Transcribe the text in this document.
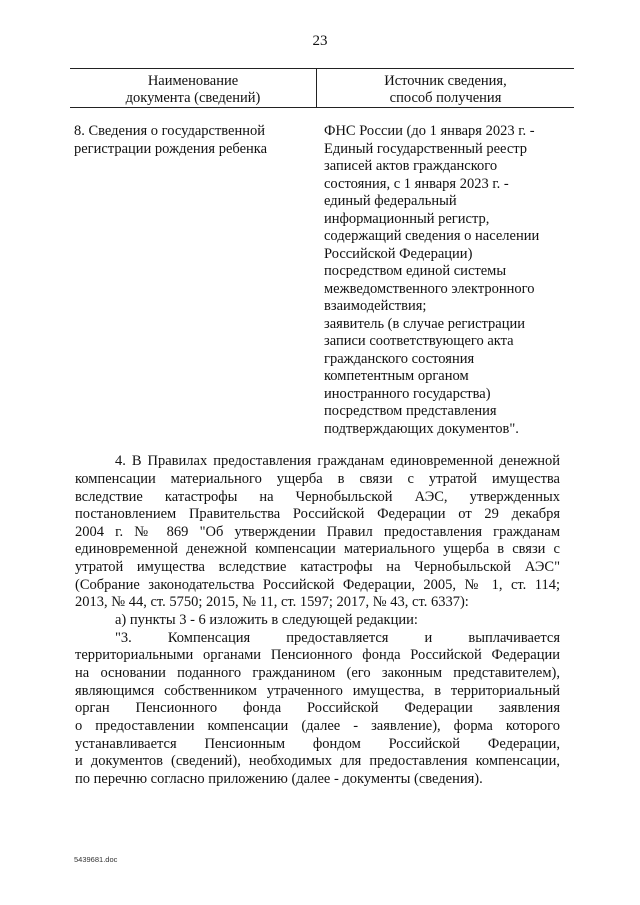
23
Наименование
документа (сведений)
Источник сведения,
способ получения
8. Сведения о государственной
регистрации рождения ребенка
ФНС России (до 1 января 2023 г. -
Единый государственный реестр
записей актов гражданского
состояния, с 1 января 2023 г. -
единый федеральный
информационный регистр,
содержащий сведения о населении
Российской Федерации)
посредством единой системы
межведомственного электронного
взаимодействия;
заявитель (в случае регистрации
записи соответствующего акта
гражданского состояния
компетентным органом
иностранного государства)
посредством представления
подтверждающих документов".
4. В Правилах предоставления гражданам единовременной денежной
компенсации материального ущерба в связи с утратой имущества
вследствие катастрофы на Чернобыльской АЭС, утвержденных
постановлением Правительства Российской Федерации от 29 декабря
2004 г. № 869 "Об утверждении Правил предоставления гражданам
единовременной денежной компенсации материального ущерба в связи с
утратой имущества вследствие катастрофы на Чернобыльской АЭС"
(Собрание законодательства Российской Федерации, 2005, № 1, ст. 114;
2013, № 44, ст. 5750; 2015, № 11, ст. 1597; 2017, № 43, ст. 6337):
а) пункты 3 - 6 изложить в следующей редакции:
"3. Компенсация предоставляется и выплачивается
территориальными органами Пенсионного фонда Российской Федерации
на основании поданного гражданином (его законным представителем),
являющимся собственником утраченного имущества, в территориальный
орган Пенсионного фонда Российской Федерации заявления
о предоставлении компенсации (далее - заявление), форма которого
устанавливается Пенсионным фондом Российской Федерации,
и документов (сведений), необходимых для предоставления компенсации,
по перечню согласно приложению (далее - документы (сведения).
5439681.doc
